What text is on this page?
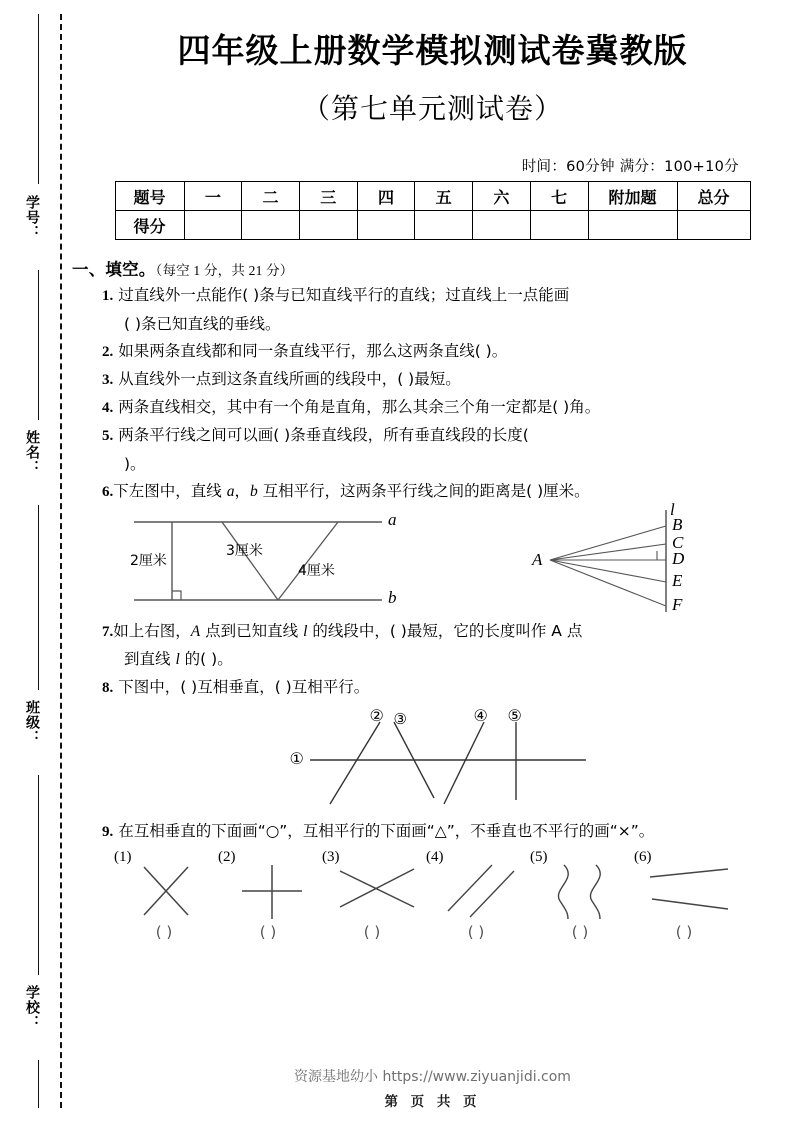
学号：
姓名：
班级：
学校：
四年级上册数学模拟测试卷冀教版
（第七单元测试卷）
时间：60分钟 满分：100+10分
题号	一	二	三	四	五	六	七	附加题	总分
得分									
一、填空。（每空 1 分，共 21 分）
1. 过直线外一点能作( )条与已知直线平行的直线；过直线上一点能画
( )条已知直线的垂线。
2. 如果两条直线都和同一条直线平行，那么这两条直线( )。
3. 从直线外一点到这条直线所画的线段中，( )最短。
4. 两条直线相交，其中有一个角是直角，那么其余三个角一定都是( )角。
5. 两条平行线之间可以画( )条垂直线段，所有垂直线段的长度(
)。
6.下左图中，直线 a，b 互相平行，这两条平行线之间的距离是( )厘米。
a
b
2厘米
3厘米
4厘米
A
l
B
C
D
E
F
7.如上右图，A 点到已知直线 l 的线段中，( )最短，它的长度叫作 A 点
到直线 l 的( )。
8. 下图中，( )互相垂直，( )互相平行。
①
② ③	④ ⑤
9. 在互相垂直的下面画“○”，互相平行的下面画“△”，不垂直也不平行的画“×”。
(1)
( )
(2)
( )
(3)
( )
(4)
( )
(5)
( )
(6)
( )
资源基地幼小 https://www.ziyuanjidi.com
第 页 共 页
